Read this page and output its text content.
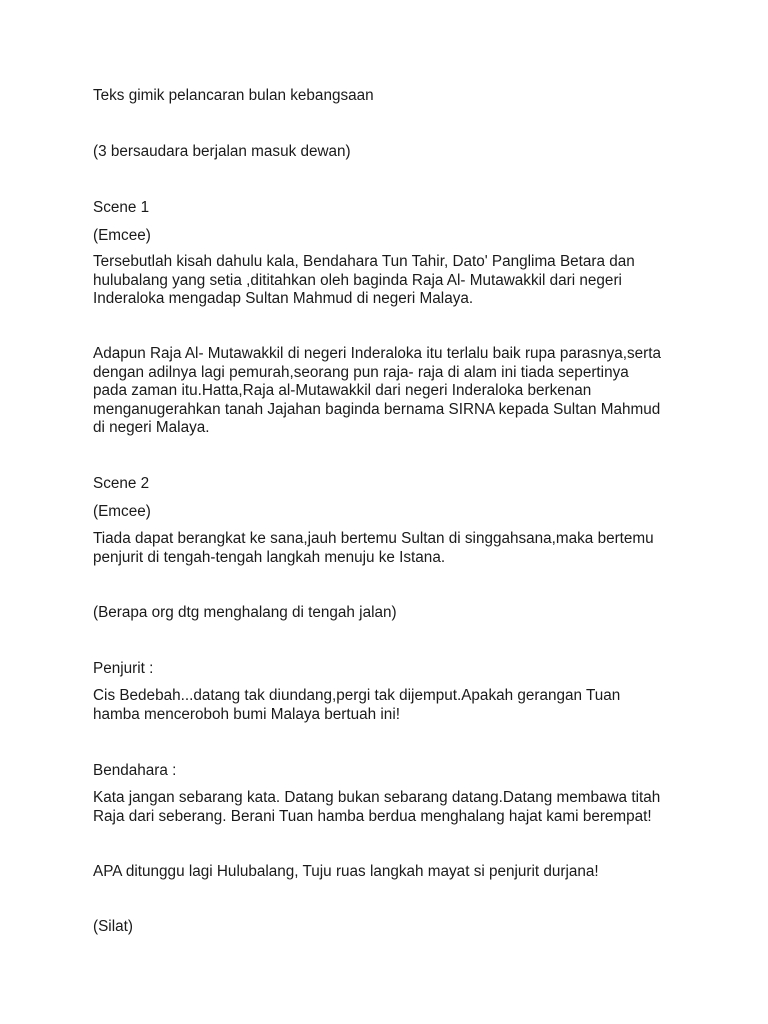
Teks gimik pelancaran bulan kebangsaan

(3 bersaudara berjalan masuk dewan)

Scene 1

(Emcee)

Tersebutlah kisah dahulu kala, Bendahara Tun Tahir, Dato' Panglima Betara dan
hulubalang yang setia ,dititahkan oleh baginda Raja Al- Mutawakkil dari negeri
Inderaloka mengadap Sultan Mahmud di negeri Malaya.

Adapun Raja Al- Mutawakkil di negeri Inderaloka itu terlalu baik rupa parasnya,serta
dengan adilnya lagi pemurah,seorang pun raja- raja di alam ini tiada sepertinya
pada zaman itu.Hatta,Raja al-Mutawakkil dari negeri Inderaloka berkenan
menganugerahkan tanah Jajahan baginda bernama SIRNA kepada Sultan Mahmud
di negeri Malaya.

Scene 2

(Emcee)

Tiada dapat berangkat ke sana,jauh bertemu Sultan di singgahsana,maka bertemu
penjurit di tengah-tengah langkah menuju ke Istana.

(Berapa org dtg menghalang di tengah jalan)

Penjurit :

Cis Bedebah...datang tak diundang,pergi tak dijemput.Apakah gerangan Tuan
hamba menceroboh bumi Malaya bertuah ini!

Bendahara :

Kata jangan sebarang kata. Datang bukan sebarang datang.Datang membawa titah
Raja dari seberang. Berani Tuan hamba berdua menghalang hajat kami berempat!

APA ditunggu lagi Hulubalang, Tuju ruas langkah mayat si penjurit durjana!

(Silat)
